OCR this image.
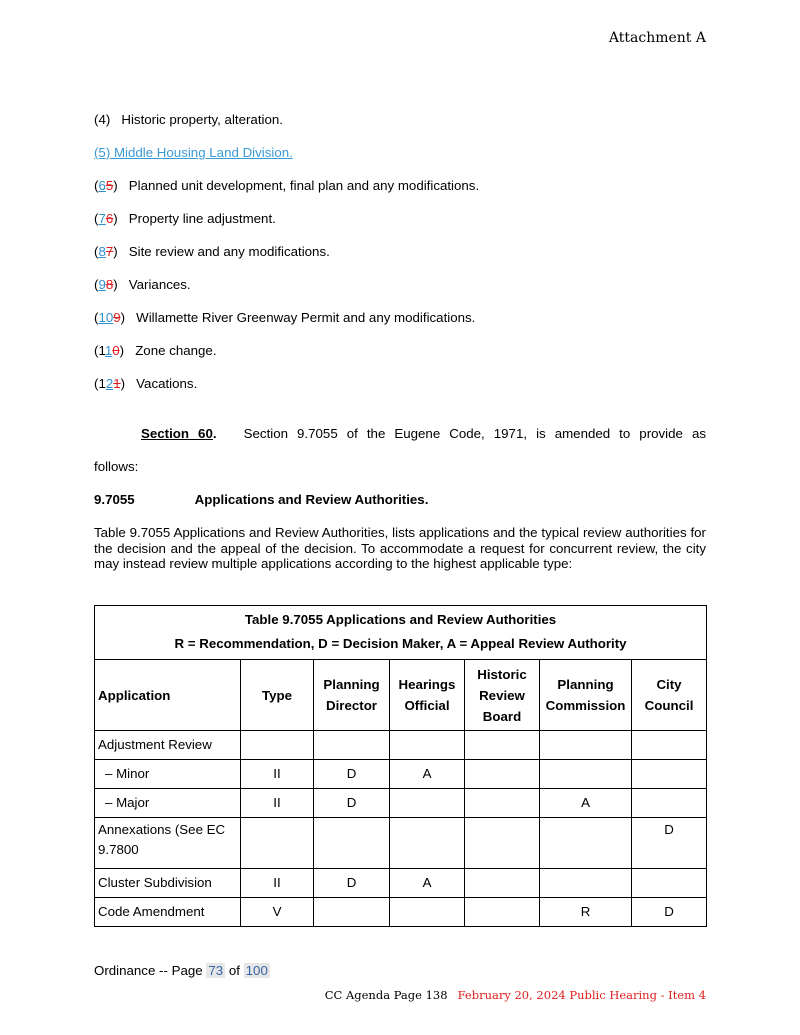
Attachment A
(4)   Historic property, alteration.
(5) Middle Housing Land Division.
(65)   Planned unit development, final plan and any modifications.
(76)   Property line adjustment.
(87)   Site review and any modifications.
(98)   Variances.
(109)   Willamette River Greenway Permit and any modifications.
(110)   Zone change.
(121)   Vacations.
Section 60. Section 9.7055 of the Eugene Code, 1971, is amended to provide as
follows:
9.7055	Applications and Review Authorities.
Table 9.7055 Applications and Review Authorities, lists applications and the typical review authorities for the decision and the appeal of the decision. To accommodate a request for concurrent review, the city may instead review multiple applications according to the highest applicable type:
Table 9.7055 Applications and Review Authorities						
R = Recommendation, D = Decision Maker, A = Appeal Review Authority						
Application	Type	Planning Director	Hearings Official	Historic Review Board	Planning Commission	City Council
Adjustment Review						
– Minor	II	D	A			
– Major	II	D			A	
Annexations (See EC 9.7800						D
Cluster Subdivision	II	D	A			
Code Amendment	V				R	D
Ordinance -- Page 73 of 100
CC Agenda Page 138 February 20, 2024 Public Hearing - Item 4
